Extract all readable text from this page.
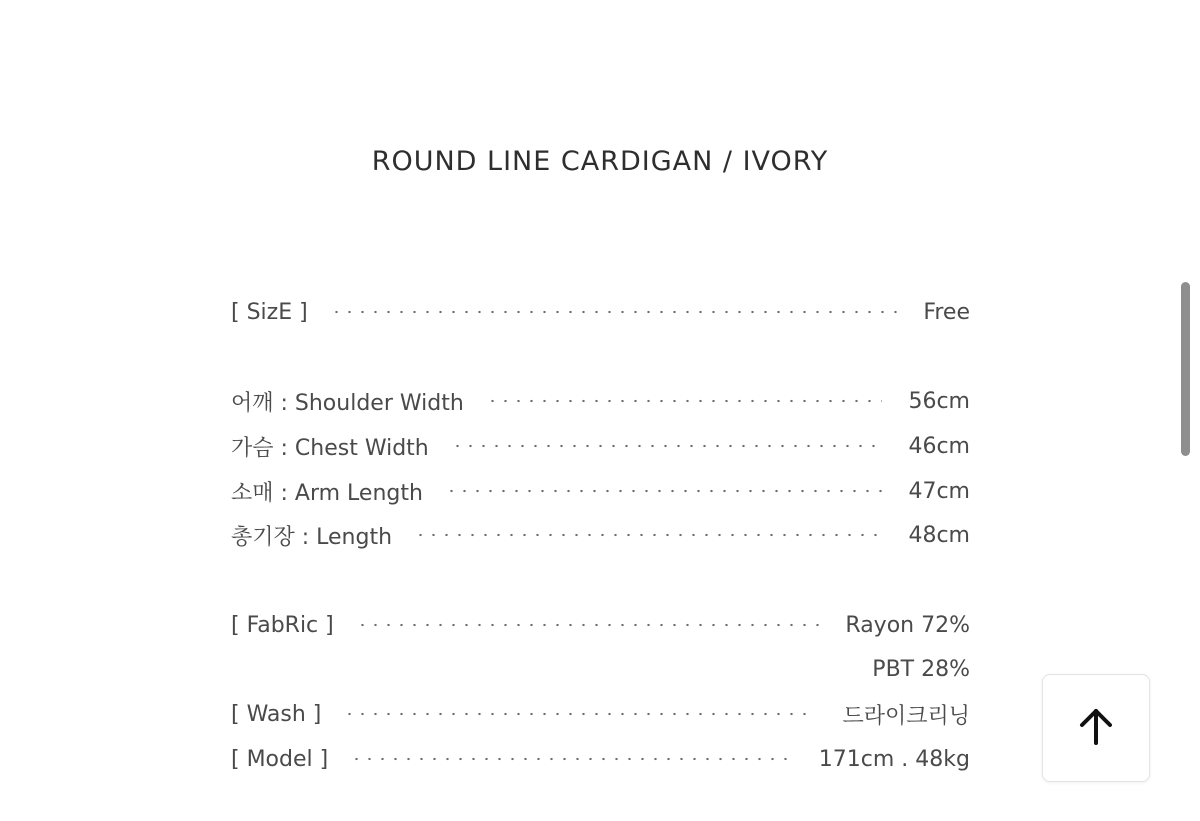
ROUND LINE CARDIGAN / IVORY
[ SizE ]	Free
어깨 : Shoulder Width	56cm
가슴 : Chest Width	46cm
소매 : Arm Length	47cm
총기장 : Length	48cm
[ FabRic ]	Rayon 72%
PBT 28%
[ Wash ]	드라이크리닝
[ Model ]	171cm . 48kg
